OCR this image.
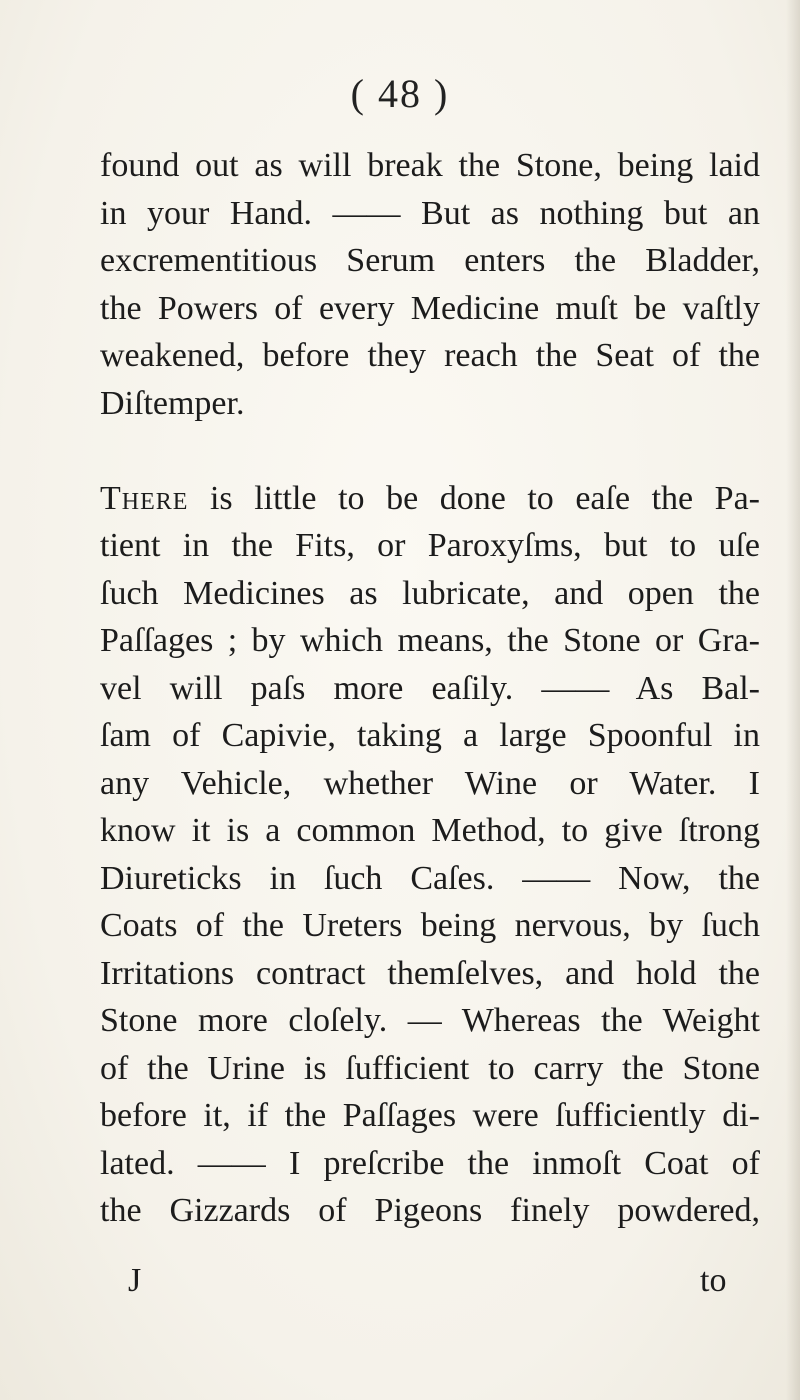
( 48 )
found out as will break the Stone, being laid
in your Hand. —— But as nothing but an
excrementitious Serum enters the Bladder,
the Powers of every Medicine muſt be vaſtly
weakened, before they reach the Seat of the
Diſtemper.
There is little to be done to eaſe the Pa-
tient in the Fits, or Paroxyſms, but to uſe
ſuch Medicines as lubricate, and open the
Paſſages ; by which means, the Stone or Gra-
vel will paſs more eaſily. —— As Bal-
ſam of Capivie, taking a large Spoonful in
any Vehicle, whether Wine or Water. I
know it is a common Method, to give ſtrong
Diureticks in ſuch Caſes. —— Now, the
Coats of the Ureters being nervous, by ſuch
Irritations contract themſelves, and hold the
Stone more cloſely. — Whereas the Weight
of the Urine is ſufficient to carry the Stone
before it, if the Paſſages were ſufficiently di-
lated. —— I preſcribe the inmoſt Coat of
the Gizzards of Pigeons finely powdered,
J	to
